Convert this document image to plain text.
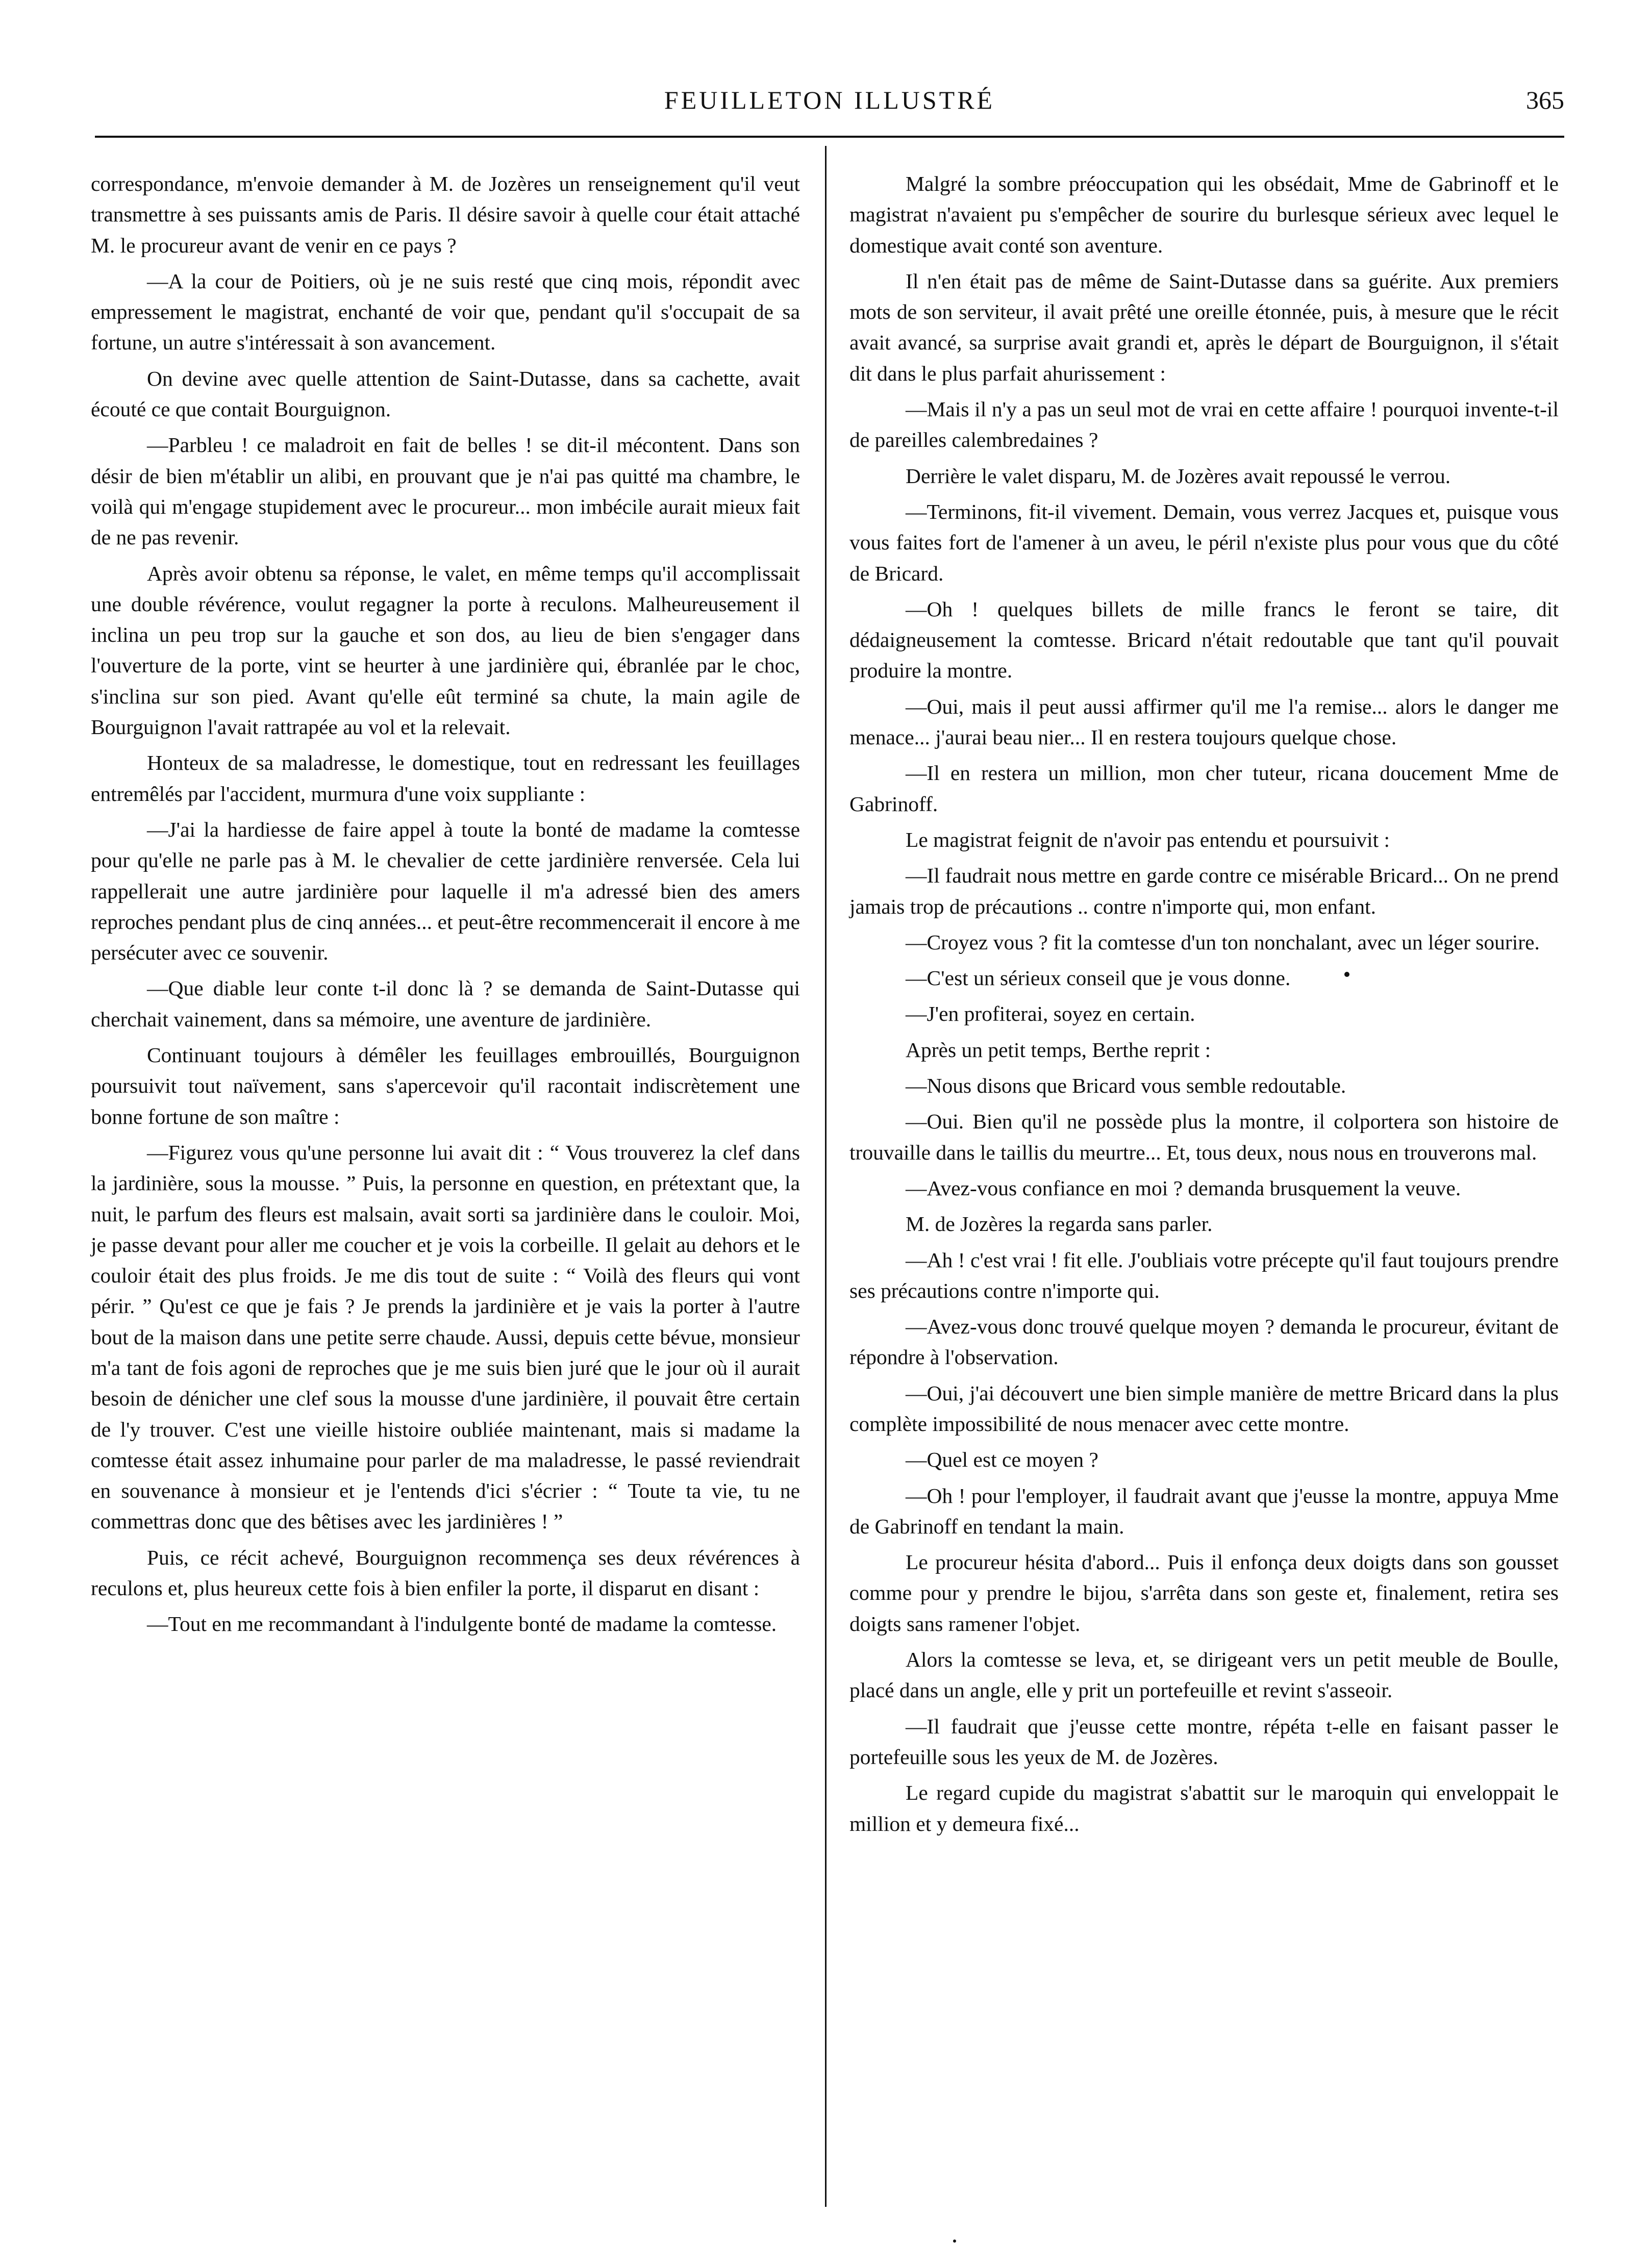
FEUILLETON ILLUSTRÉ	365

correspondance, m'envoie demander à M. de Jozères un renseignement qu'il veut transmettre à ses puissants amis de Paris. Il désire savoir à quelle cour était attaché M. le procureur avant de venir en ce pays ?

—A la cour de Poitiers, où je ne suis resté que cinq mois, répondit avec empressement le magistrat, enchanté de voir que, pendant qu'il s'occupait de sa fortune, un autre s'intéressait à son avancement.

On devine avec quelle attention de Saint-Dutasse, dans sa cachette, avait écouté ce que contait Bourguignon.

—Parbleu ! ce maladroit en fait de belles ! se dit-il mécontent. Dans son désir de bien m'établir un alibi, en prouvant que je n'ai pas quitté ma chambre, le voilà qui m'engage stupidement avec le procureur... mon imbécile aurait mieux fait de ne pas revenir.

Après avoir obtenu sa réponse, le valet, en même temps qu'il accomplissait une double révérence, voulut regagner la porte à reculons. Malheureusement il inclina un peu trop sur la gauche et son dos, au lieu de bien s'engager dans l'ouverture de la porte, vint se heurter à une jardinière qui, ébranlée par le choc, s'inclina sur son pied. Avant qu'elle eût terminé sa chute, la main agile de Bourguignon l'avait rattrapée au vol et la relevait.

Honteux de sa maladresse, le domestique, tout en redressant les feuillages entremêlés par l'accident, murmura d'une voix suppliante :

—J'ai la hardiesse de faire appel à toute la bonté de madame la comtesse pour qu'elle ne parle pas à M. le chevalier de cette jardinière renversée. Cela lui rappellerait une autre jardinière pour laquelle il m'a adressé bien des amers reproches pendant plus de cinq années... et peut-être recommencerait il encore à me persécuter avec ce souvenir.

—Que diable leur conte t-il donc là ? se demanda de Saint-Dutasse qui cherchait vainement, dans sa mémoire, une aventure de jardinière.

Continuant toujours à démêler les feuillages embrouillés, Bourguignon poursuivit tout naïvement, sans s'apercevoir qu'il racontait indiscrètement une bonne fortune de son maître :

—Figurez vous qu'une personne lui avait dit : “ Vous trouverez la clef dans la jardinière, sous la mousse. ” Puis, la personne en question, en prétextant que, la nuit, le parfum des fleurs est malsain, avait sorti sa jardinière dans le couloir. Moi, je passe devant pour aller me coucher et je vois la corbeille. Il gelait au dehors et le couloir était des plus froids. Je me dis tout de suite : “ Voilà des fleurs qui vont périr. ” Qu'est ce que je fais ? Je prends la jardinière et je vais la porter à l'autre bout de la maison dans une petite serre chaude. Aussi, depuis cette bévue, monsieur m'a tant de fois agoni de reproches que je me suis bien juré que le jour où il aurait besoin de dénicher une clef sous la mousse d'une jardinière, il pouvait être certain de l'y trouver. C'est une vieille histoire oubliée maintenant, mais si madame la comtesse était assez inhumaine pour parler de ma maladresse, le passé reviendrait en souvenance à monsieur et je l'entends d'ici s'écrier : “ Toute ta vie, tu ne commettras donc que des bêtises avec les jardinières ! ”

Puis, ce récit achevé, Bourguignon recommença ses deux révérences à reculons et, plus heureux cette fois à bien enfiler la porte, il disparut en disant :

—Tout en me recommandant à l'indulgente bonté de madame la comtesse.

Malgré la sombre préoccupation qui les obsédait, Mme de Gabrinoff et le magistrat n'avaient pu s'empêcher de sourire du burlesque sérieux avec lequel le domestique avait conté son aventure.

Il n'en était pas de même de Saint-Dutasse dans sa guérite. Aux premiers mots de son serviteur, il avait prêté une oreille étonnée, puis, à mesure que le récit avait avancé, sa surprise avait grandi et, après le départ de Bourguignon, il s'était dit dans le plus parfait ahurissement :

—Mais il n'y a pas un seul mot de vrai en cette affaire ! pourquoi invente-t-il de pareilles calembredaines ?

Derrière le valet disparu, M. de Jozères avait repoussé le verrou.

—Terminons, fit-il vivement. Demain, vous verrez Jacques et, puisque vous vous faites fort de l'amener à un aveu, le péril n'existe plus pour vous que du côté de Bricard.

—Oh ! quelques billets de mille francs le feront se taire, dit dédaigneusement la comtesse. Bricard n'était redoutable que tant qu'il pouvait produire la montre.

—Oui, mais il peut aussi affirmer qu'il me l'a remise... alors le danger me menace... j'aurai beau nier... Il en restera toujours quelque chose.

—Il en restera un million, mon cher tuteur, ricana doucement Mme de Gabrinoff.

Le magistrat feignit de n'avoir pas entendu et poursuivit :

—Il faudrait nous mettre en garde contre ce misérable Bricard... On ne prend jamais trop de précautions .. contre n'importe qui, mon enfant.

—Croyez vous ? fit la comtesse d'un ton nonchalant, avec un léger sourire.

—C'est un sérieux conseil que je vous donne.

—J'en profiterai, soyez en certain.

Après un petit temps, Berthe reprit :

—Nous disons que Bricard vous semble redoutable.

—Oui. Bien qu'il ne possède plus la montre, il colportera son histoire de trouvaille dans le taillis du meurtre... Et, tous deux, nous nous en trouverons mal.

—Avez-vous confiance en moi ? demanda brusquement la veuve.

M. de Jozères la regarda sans parler.

—Ah ! c'est vrai ! fit elle. J'oubliais votre précepte qu'il faut toujours prendre ses précautions contre n'importe qui.

—Avez-vous donc trouvé quelque moyen ? demanda le procureur, évitant de répondre à l'observation.

—Oui, j'ai découvert une bien simple manière de mettre Bricard dans la plus complète impossibilité de nous menacer avec cette montre.

—Quel est ce moyen ?

—Oh ! pour l'employer, il faudrait avant que j'eusse la montre, appuya Mme de Gabrinoff en tendant la main.

Le procureur hésita d'abord... Puis il enfonça deux doigts dans son gousset comme pour y prendre le bijou, s'arrêta dans son geste et, finalement, retira ses doigts sans ramener l'objet.

Alors la comtesse se leva, et, se dirigeant vers un petit meuble de Boulle, placé dans un angle, elle y prit un portefeuille et revint s'asseoir.

—Il faudrait que j'eusse cette montre, répéta t-elle en faisant passer le portefeuille sous les yeux de M. de Jozères.

Le regard cupide du magistrat s'abattit sur le maroquin qui enveloppait le million et y demeura fixé...
